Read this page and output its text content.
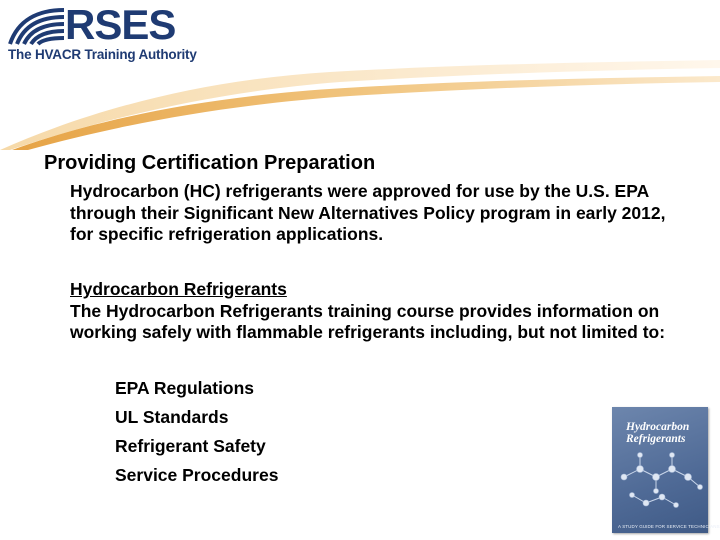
RSES
The HVACR Training Authority
Providing Certification Preparation
Hydrocarbon (HC) refrigerants were approved for use by the U.S. EPA through their Significant New Alternatives Policy program in early 2012, for specific refrigeration applications.
Hydrocarbon Refrigerants
The Hydrocarbon Refrigerants training course provides information on working safely with flammable refrigerants including, but not limited to:
EPA Regulations
UL Standards
Refrigerant Safety
Service Procedures
Hydrocarbon Refrigerants
A STUDY GUIDE FOR SERVICE TECHNICIANS
